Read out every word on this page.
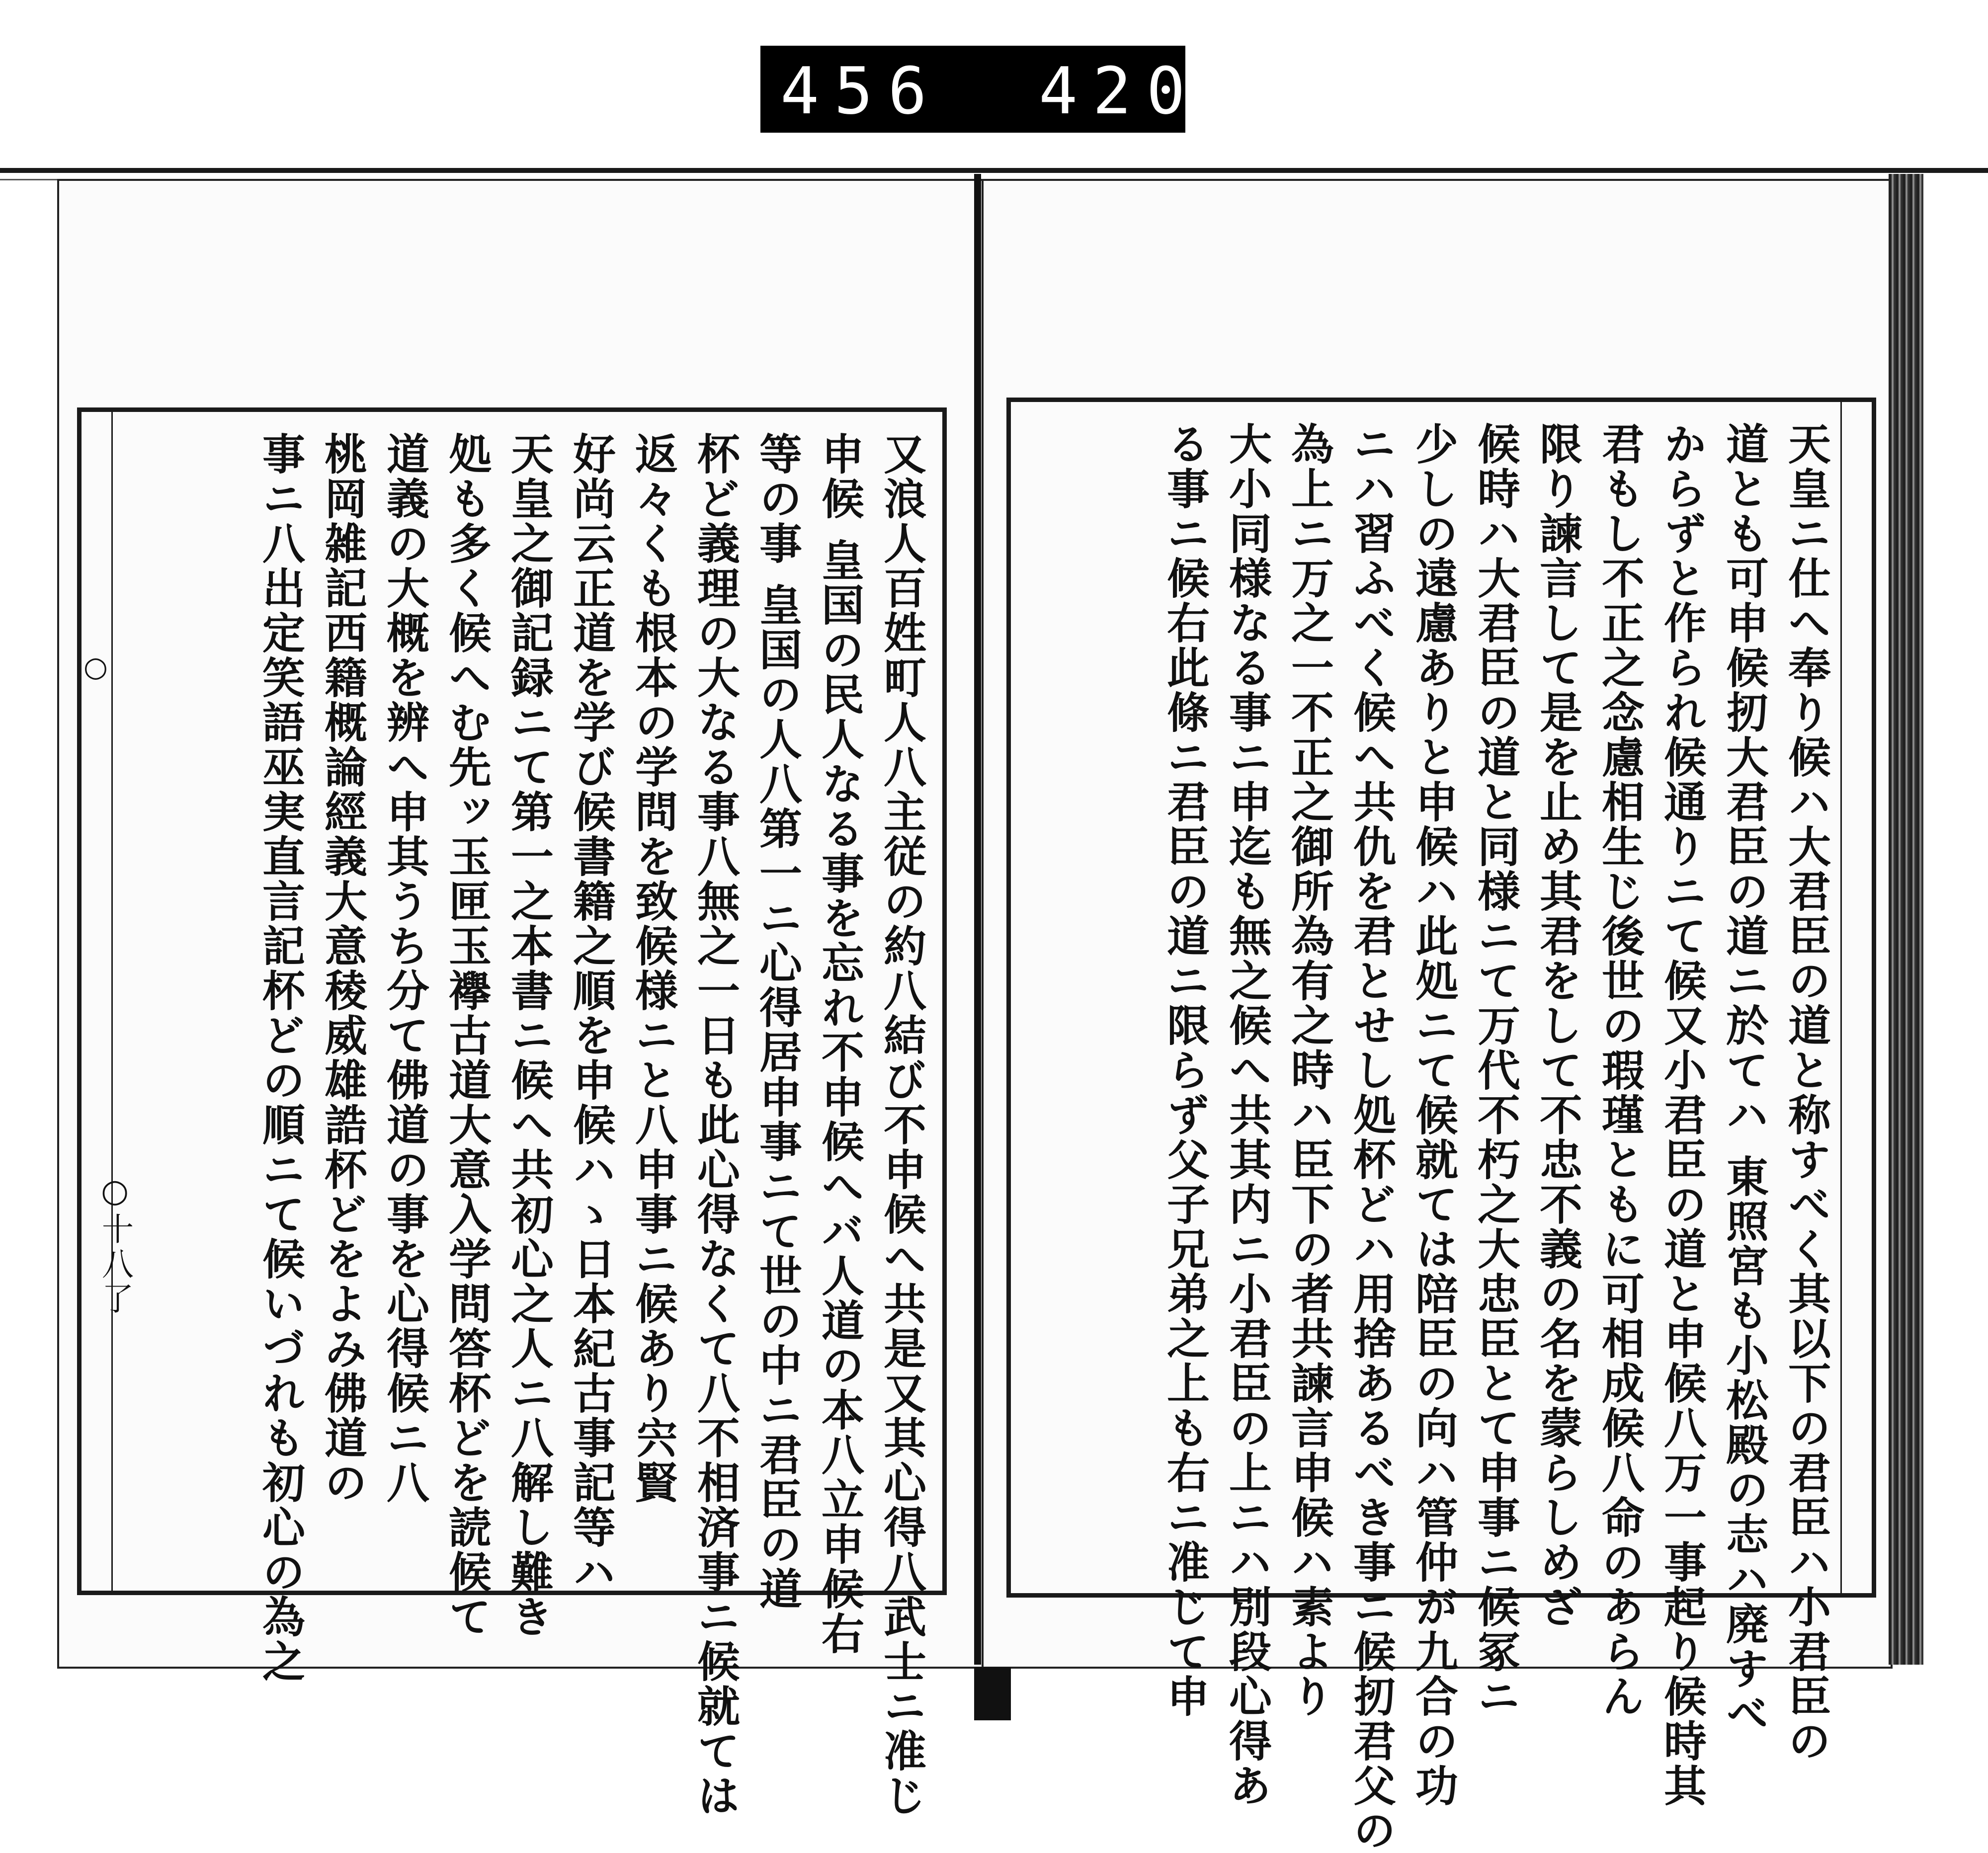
456 420.
又浪人百姓町人八主従の約八結び不申候へ共是又其心得八武士ニ准じ
申候 皇国の民人なる事を忘れ不申候へバ人道の本八立申候右
等の事 皇国の人八第一ニ心得居申事ニて世の中ニ君臣の道
杯ど義理の大なる事八無之一日も此心得なくて八不相済事ニ候就ては
返々くも根本の学問を致候様ニと八申事ニ候あり宍賢
好尚云正道を学び候書籍之順を申候ハゝ日本紀古事記等ハ
天皇之御記録ニて第一之本書ニ候へ共初心之人ニ八解し難き
処も多く候へむ先ッ玉匣玉襷古道大意入学問答杯どを読候て
道義の大概を辨へ申其うち分て佛道の事を心得候ニ八
桃岡雑記西籍概論經義大意稜威雄誥杯どをよみ佛道の
事ニ八出定笑語巫実直言記杯どの順ニて候いづれも初心の為之
○
○十八了	天皇ニ仕へ奉り候ハ大君臣の道と称すべく其以下の君臣ハ小君臣の
道とも可申候扨大君臣の道ニ於てハ 東照宮も小松殿の志ハ廃すべ
からずと作られ候通りニて候又小君臣の道と申候八万一事起り候時其
君もし不正之念慮相生じ後世の瑕瑾ともに可相成候八命のあらん
限り諫言して是を止め其君をして不忠不義の名を蒙らしめざ
候時ハ大君臣の道と同様ニて万代不朽之大忠臣とて申事ニ候冢ニ
少しの遠慮ありと申候ハ此処ニて候就ては陪臣の向ハ管仲が九合の功
ニハ習ふべく候へ共仇を君とせし処杯どハ用捨あるべき事ニ候扨君父の
為上ニ万之一不正之御所為有之時ハ臣下の者共諫言申候ハ素より
大小同様なる事ニ申迄も無之候へ共其内ニ小君臣の上ニハ別段心得あ
る事ニ候右此條ニ君臣の道ニ限らず父子兄弟之上も右ニ准じて申
